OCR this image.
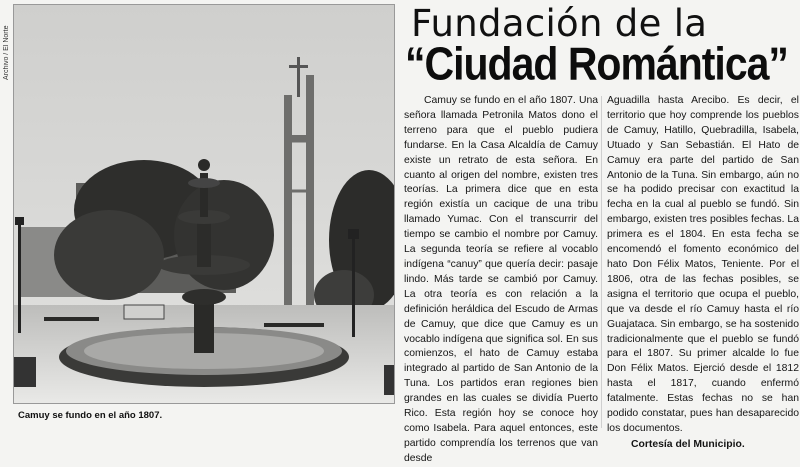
Archivo / El Norte
Camuy se fundo en el año 1807.
Fundación de la
“Ciudad Romántica”

Camuy se fundo en el año 1807. Una señora llamada Petronila Matos dono el terreno para que el pueblo pudiera fundarse. En la Casa Alcaldía de Camuy existe un retrato de esta señora. En cuanto al origen del nombre, existen tres teorías. La primera dice que en esta región existía un cacique de una tribu llamado Yumac. Con el transcurrir del tiempo se cambio el nombre por Camuy. La segunda teoría se refiere al vocablo indígena “canuy” que quería decir: pasaje lindo. Más tarde se cambió por Camuy. La otra teoría es con relación a la definición heráldica del Escudo de Armas de Camuy, que dice que Camuy es un vocablo indígena que significa sol. En sus comienzos, el hato de Camuy estaba integrado al partido de San Antonio de la Tuna. Los partidos eran regiones bien grandes en las cuales se dividía Puerto Rico. Esta región hoy se conoce hoy como Isabela. Para aquel entonces, este partido comprendía los terrenos que van desde

Aguadilla hasta Arecibo. Es decir, el territorio que hoy comprende los pueblos de Camuy, Hatillo, Quebradilla, Isabela, Utuado y San Sebastián. El Hato de Camuy era parte del partido de San Antonio de la Tuna. Sin embargo, aún no se ha podido precisar con exactitud la fecha en la cual al pueblo se fundó. Sin embargo, existen tres posibles fechas. La primera es el 1804. En esta fecha se encomendó el fomento económico del hato Don Félix Matos, Teniente. Por el 1806, otra de las fechas posibles, se asigna el territorio que ocupa el pueblo, que va desde el río Camuy hasta el río Guajataca. Sin embargo, se ha sostenido tradicionalmente que el pueblo se fundó para el 1807. Su primer alcalde lo fue Don Félix Matos. Ejerció desde el 1812 hasta el 1817, cuando enfermó fatalmente. Estas fechas no se han podido constatar, pues han desaparecido los documentos.

Cortesía del Municipio.
